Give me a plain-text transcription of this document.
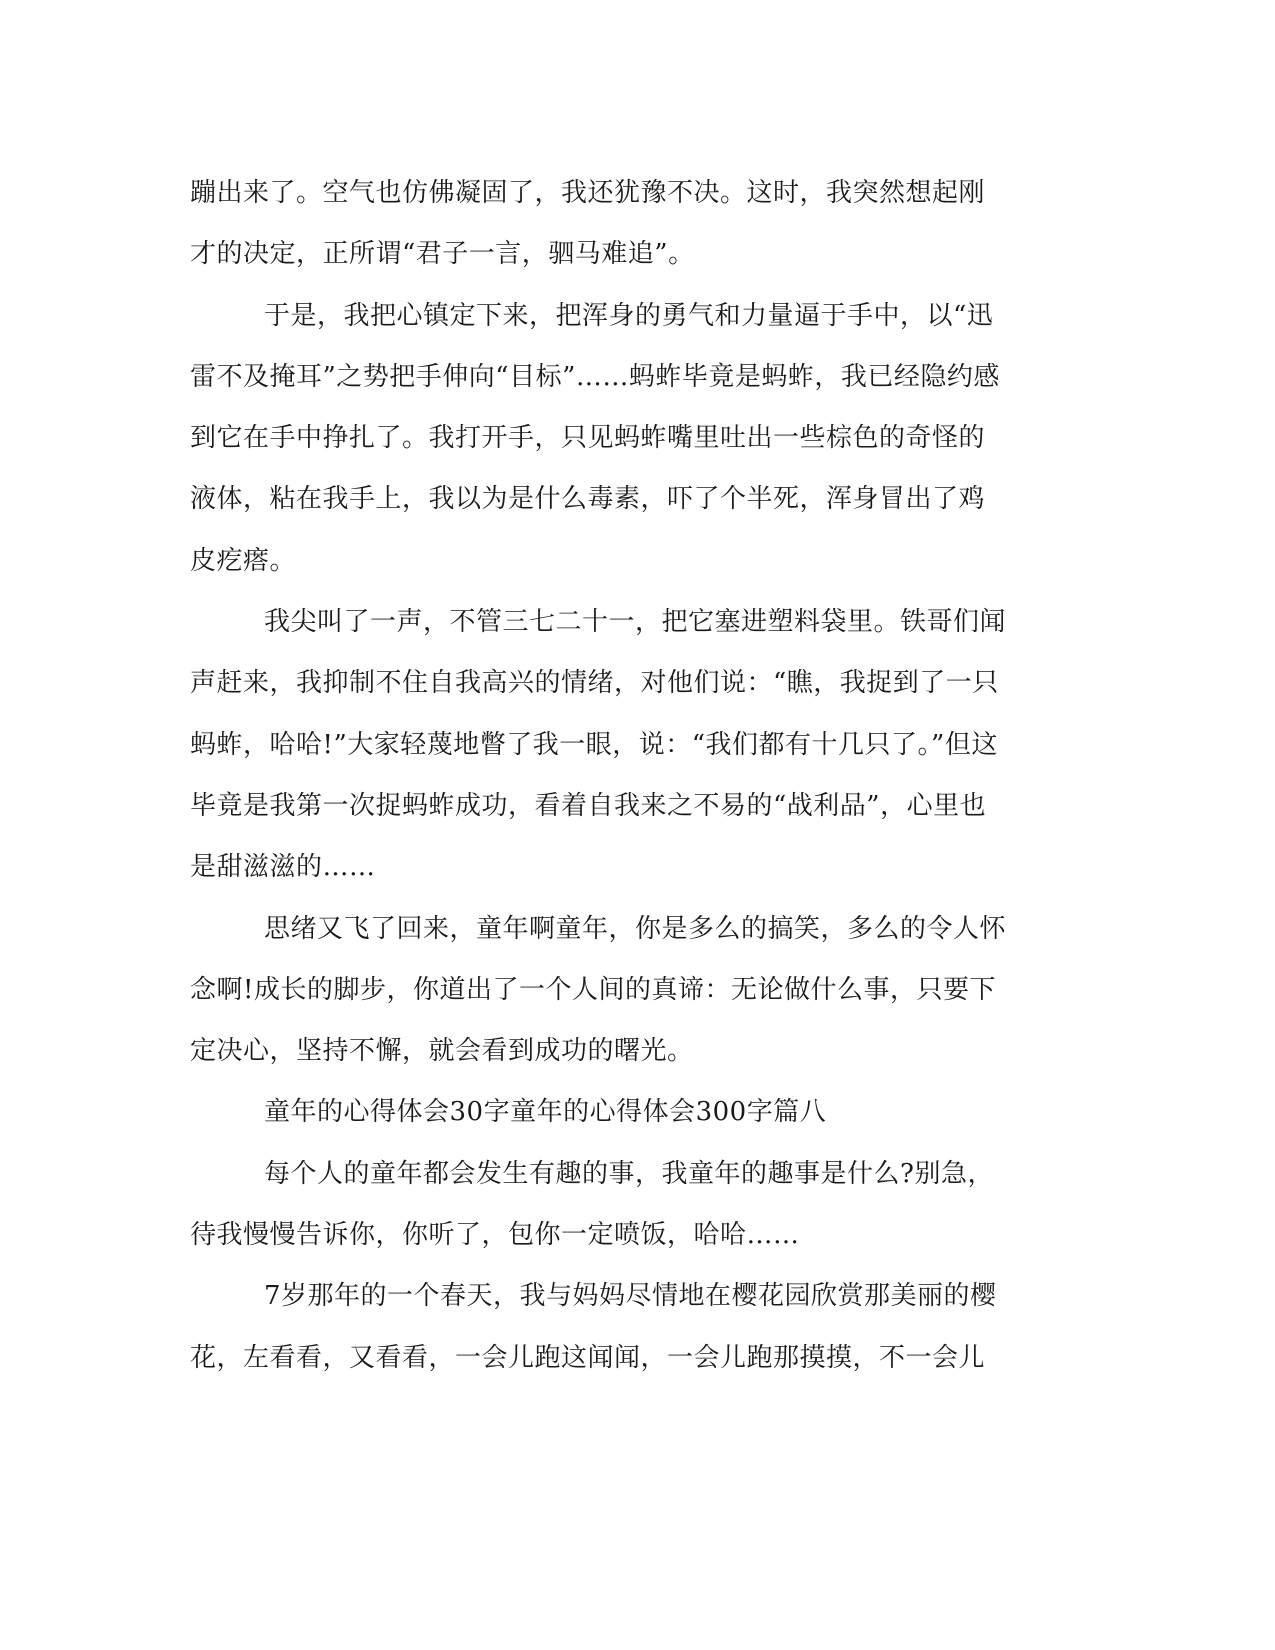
蹦出来了。空气也仿佛凝固了，我还犹豫不决。这时，我突然想起刚
才的决定，正所谓“君子一言，驷马难追”。
于是，我把心镇定下来，把浑身的勇气和力量逼于手中，以“迅
雷不及掩耳”之势把手伸向“目标”……蚂蚱毕竟是蚂蚱，我已经隐约感
到它在手中挣扎了。我打开手，只见蚂蚱嘴里吐出一些棕色的奇怪的
液体，粘在我手上，我以为是什么毒素，吓了个半死，浑身冒出了鸡
皮疙瘩。
我尖叫了一声，不管三七二十一，把它塞进塑料袋里。铁哥们闻
声赶来，我抑制不住自我高兴的情绪，对他们说：“瞧，我捉到了一只
蚂蚱，哈哈!”大家轻蔑地瞥了我一眼，说：“我们都有十几只了。”但这
毕竟是我第一次捉蚂蚱成功，看着自我来之不易的“战利品”，心里也
是甜滋滋的……
思绪又飞了回来，童年啊童年，你是多么的搞笑，多么的令人怀
念啊!成长的脚步，你道出了一个人间的真谛：无论做什么事，只要下
定决心，坚持不懈，就会看到成功的曙光。
童年的心得体会30字童年的心得体会300字篇八
每个人的童年都会发生有趣的事，我童年的趣事是什么?别急，
待我慢慢告诉你，你听了，包你一定喷饭，哈哈……
7岁那年的一个春天，我与妈妈尽情地在樱花园欣赏那美丽的樱
花，左看看，又看看，一会儿跑这闻闻，一会儿跑那摸摸，不一会儿
